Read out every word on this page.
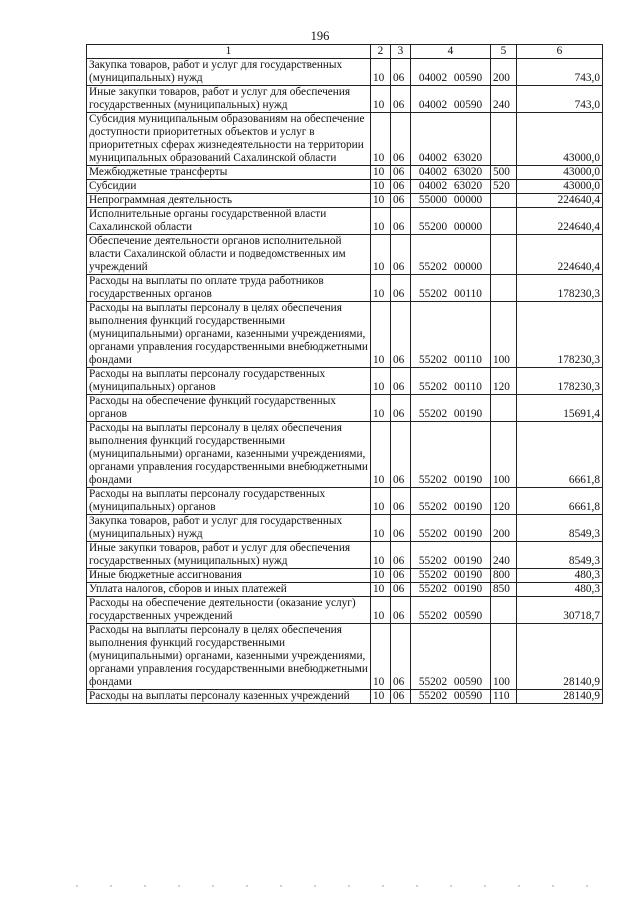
196
1	2	3	4	5	6
Закупка товаров, работ и услуг для государственных (муниципальных) нужд	10	06	04002 00590	200	743,0
Иные закупки товаров, работ и услуг для обеспечения государственных (муниципальных) нужд	10	06	04002 00590	240	743,0
Субсидия муниципальным образованиям на обеспечение доступности приоритетных объектов и услуг в приоритетных сферах жизнедеятельности на территории муниципальных образований Сахалинской области	10	06	04002 63020		43000,0
Межбюджетные трансферты	10	06	04002 63020	500	43000,0
Субсидии	10	06	04002 63020	520	43000,0
Непрограммная деятельность	10	06	55000 00000		224640,4
Исполнительные органы государственной власти Сахалинской области	10	06	55200 00000		224640,4
Обеспечение деятельности органов исполнительной власти Сахалинской области и подведомственных им учреждений	10	06	55202 00000		224640,4
Расходы на выплаты по оплате труда работников государственных органов	10	06	55202 00110		178230,3
Расходы на выплаты персоналу в целях обеспечения выполнения функций государственными (муниципальными) органами, казенными учреждениями, органами управления государственными внебюджетными фондами	10	06	55202 00110	100	178230,3
Расходы на выплаты персоналу государственных (муниципальных) органов	10	06	55202 00110	120	178230,3
Расходы на обеспечение функций государственных органов	10	06	55202 00190		15691,4
Расходы на выплаты персоналу в целях обеспечения выполнения функций государственными (муниципальными) органами, казенными учреждениями, органами управления государственными внебюджетными фондами	10	06	55202 00190	100	6661,8
Расходы на выплаты персоналу государственных (муниципальных) органов	10	06	55202 00190	120	6661,8
Закупка товаров, работ и услуг для государственных (муниципальных) нужд	10	06	55202 00190	200	8549,3
Иные закупки товаров, работ и услуг для обеспечения государственных (муниципальных) нужд	10	06	55202 00190	240	8549,3
Иные бюджетные ассигнования	10	06	55202 00190	800	480,3
Уплата налогов, сборов и иных платежей	10	06	55202 00190	850	480,3
Расходы на обеспечение деятельности (оказание услуг) государственных учреждений	10	06	55202 00590		30718,7
Расходы на выплаты персоналу в целях обеспечения выполнения функций государственными (муниципальными) органами, казенными учреждениями, органами управления государственными внебюджетными фондами	10	06	55202 00590	100	28140,9
Расходы на выплаты персоналу казенных учреждений	10	06	55202 00590	110	28140,9
